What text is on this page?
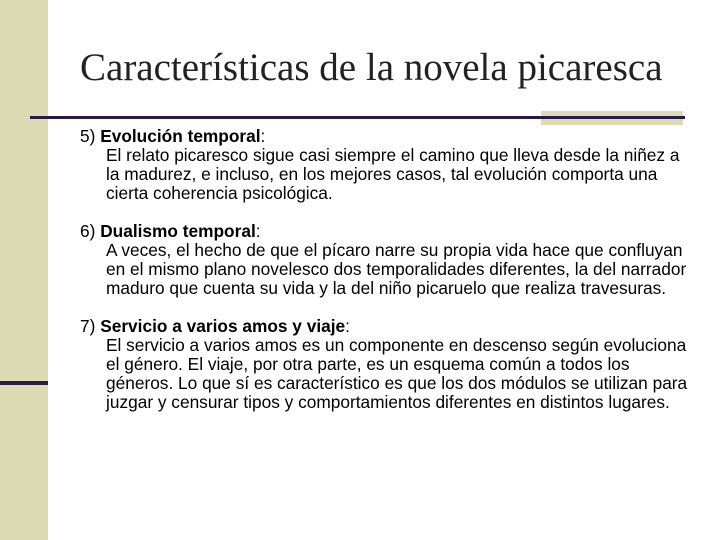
Características de la novela picaresca
5) Evolución temporal:
El relato picaresco sigue casi siempre el camino que lleva desde la niñez a la madurez, e incluso, en los mejores casos, tal evolución comporta una cierta coherencia psicológica.
6) Dualismo temporal:
A veces, el hecho de que el pícaro narre su propia vida hace que confluyan en el mismo plano novelesco dos temporalidades diferentes, la del narrador maduro que cuenta su vida y la del niño picaruelo que realiza travesuras.
7) Servicio a varios amos y viaje:
El servicio a varios amos es un componente en descenso según evoluciona el género. El viaje, por otra parte, es un esquema común a todos los géneros. Lo que sí es característico es que los dos módulos se utilizan para juzgar y censurar tipos y comportamientos diferentes en distintos lugares.
